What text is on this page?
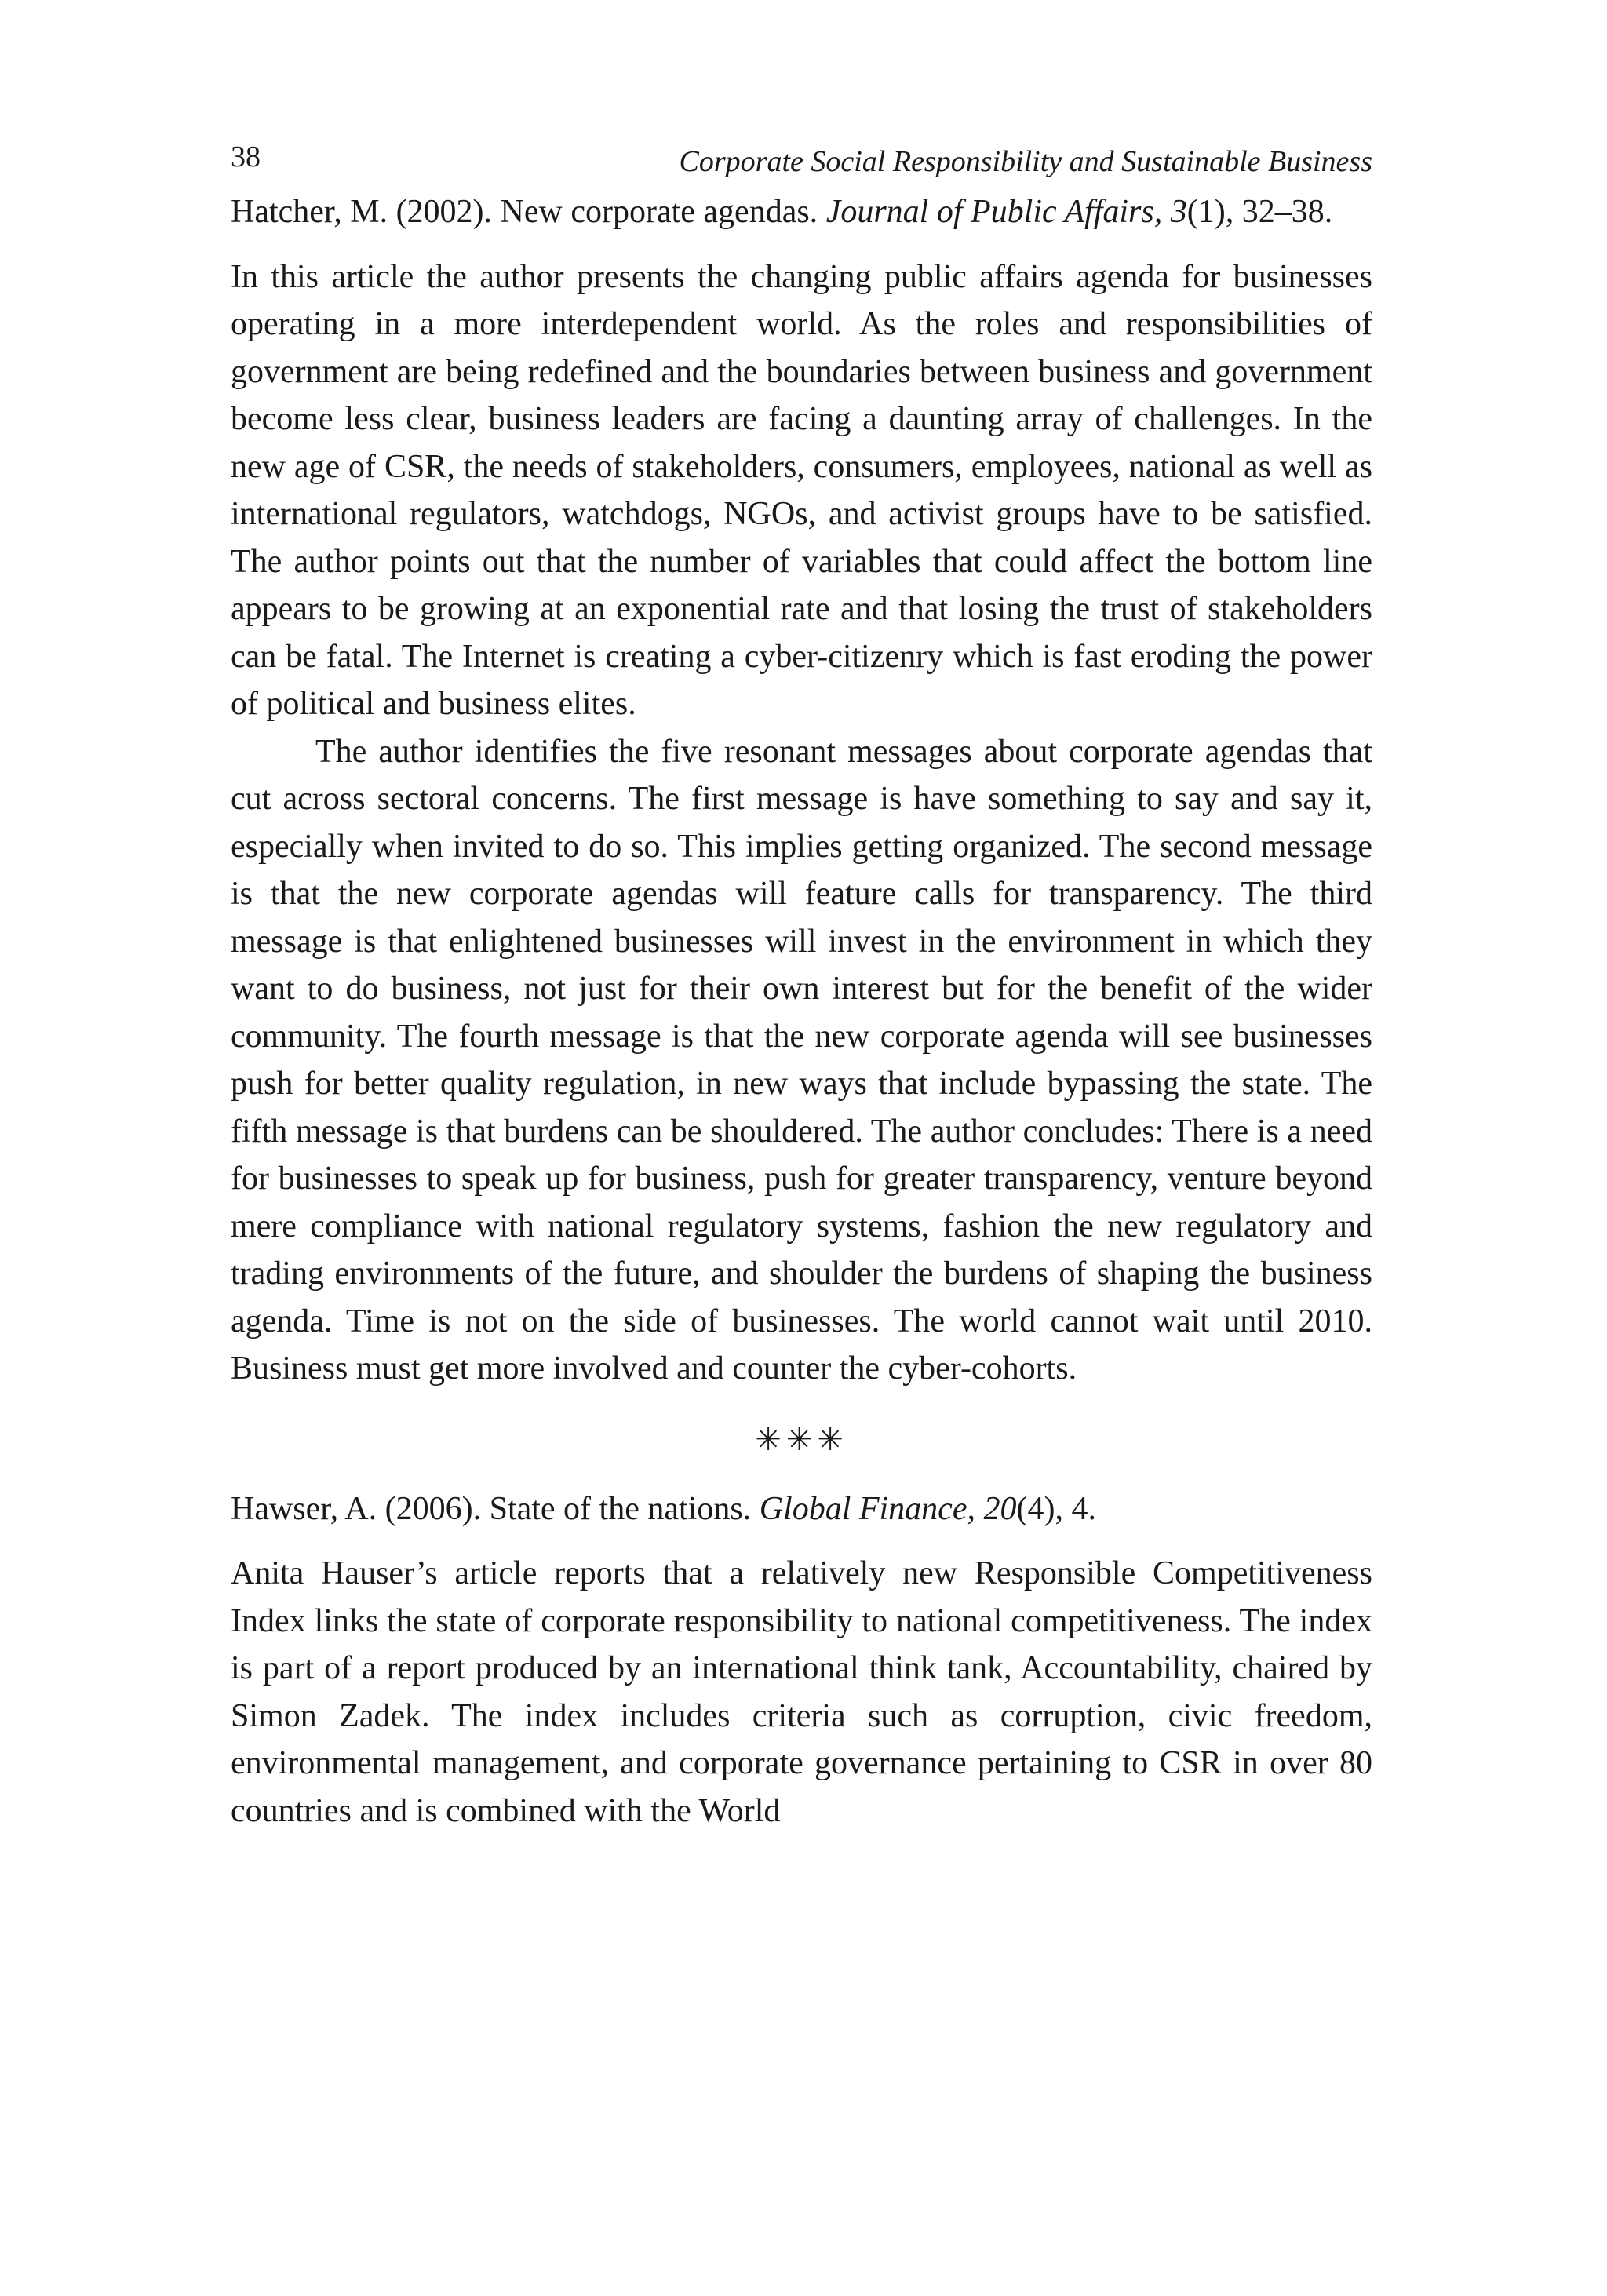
38	Corporate Social Responsibility and Sustainable Business

Hatcher, M. (2002). New corporate agendas. Journal of Public Affairs, 3(1), 32–38.

In this article the author presents the changing public affairs agenda for businesses operating in a more interdependent world. As the roles and responsibilities of government are being redefined and the boundaries between business and government become less clear, business leaders are facing a daunting array of challenges. In the new age of CSR, the needs of stakeholders, consumers, employees, national as well as international regulators, watchdogs, NGOs, and activist groups have to be satisfied. The author points out that the number of variables that could affect the bottom line appears to be growing at an exponential rate and that losing the trust of stakeholders can be fatal. The Internet is creating a cyber-citizenry which is fast eroding the power of political and business elites.

The author identifies the five resonant messages about corporate agendas that cut across sectoral concerns. The first message is have something to say and say it, especially when invited to do so. This implies getting organized. The second message is that the new corporate agendas will feature calls for transparency. The third message is that enlightened businesses will invest in the environment in which they want to do business, not just for their own interest but for the benefit of the wider community. The fourth message is that the new corporate agenda will see businesses push for better quality regulation, in new ways that include bypassing the state. The fifth message is that burdens can be shouldered. The author concludes: There is a need for businesses to speak up for business, push for greater transparency, venture beyond mere compliance with national regulatory systems, fashion the new regulatory and trading environments of the future, and shoulder the burdens of shaping the business agenda. Time is not on the side of businesses. The world cannot wait until 2010. Business must get more involved and counter the cyber-cohorts.

✳✳✳

Hawser, A. (2006). State of the nations. Global Finance, 20(4), 4.

Anita Hauser’s article reports that a relatively new Responsible Competitiveness Index links the state of corporate responsibility to national competitiveness. The index is part of a report produced by an international think tank, Accountability, chaired by Simon Zadek. The index includes criteria such as corruption, civic freedom, environmental management, and corporate governance pertaining to CSR in over 80 countries and is combined with the World
